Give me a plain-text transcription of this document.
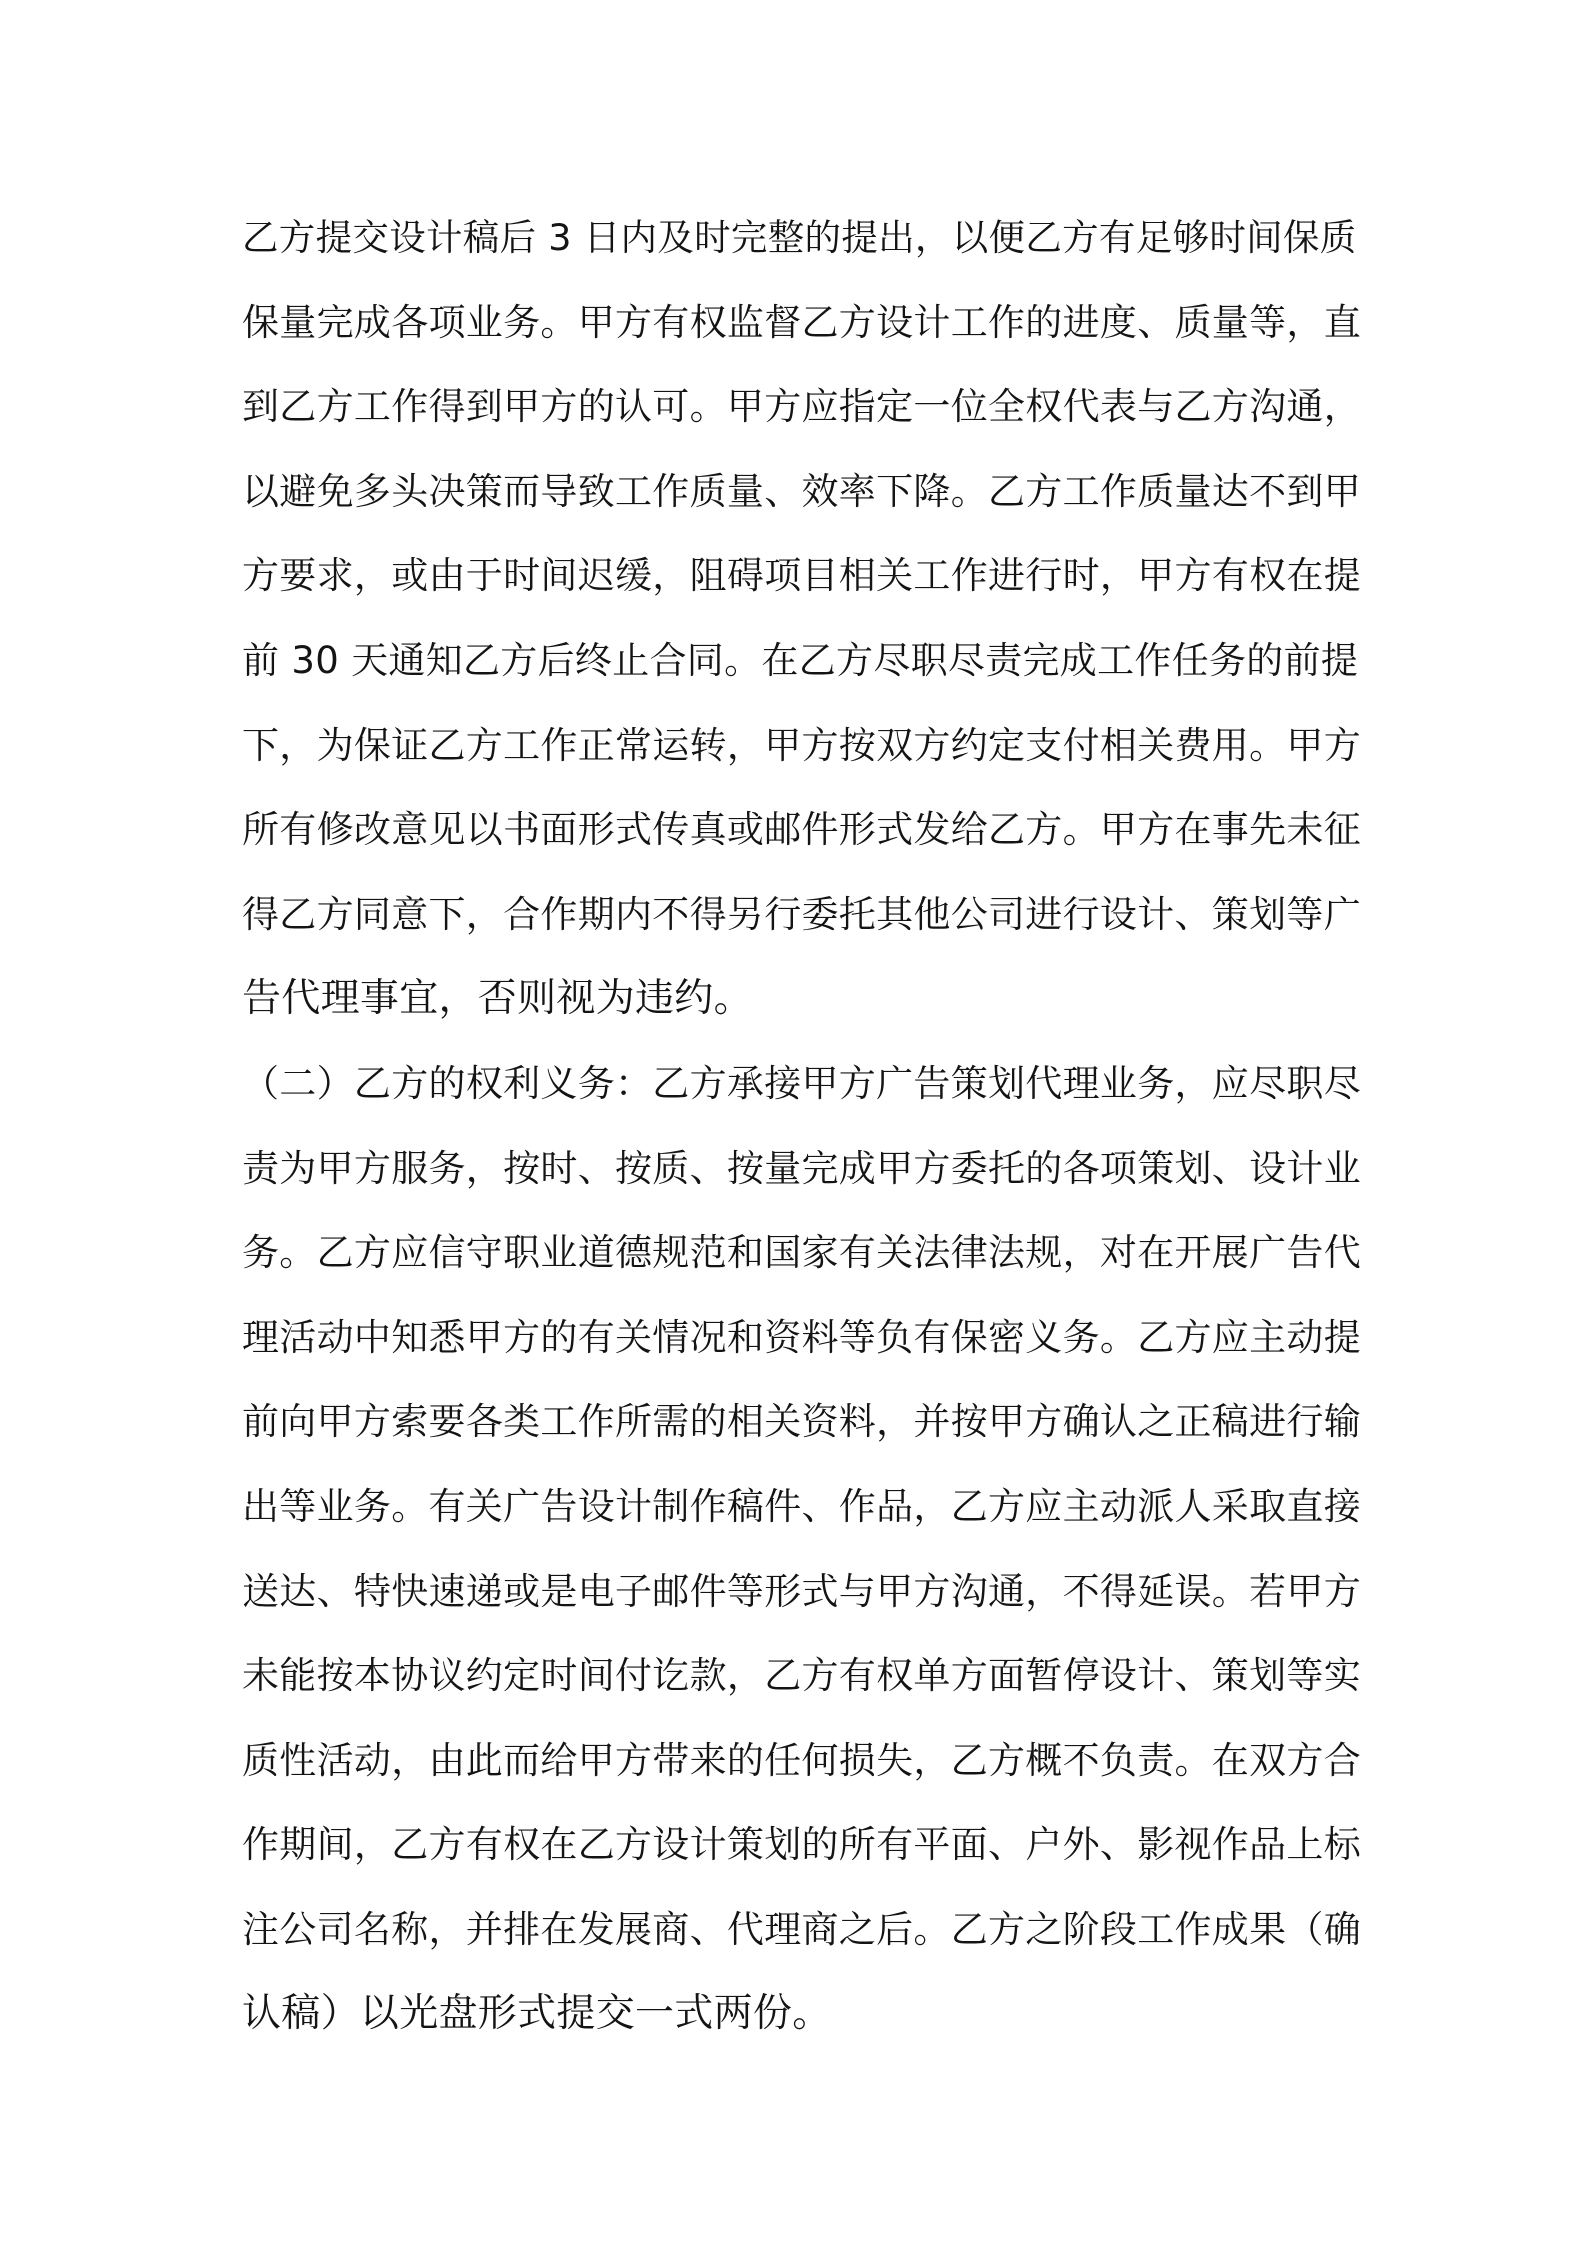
乙方提交设计稿后 3 日内及时完整的提出，以便乙方有足够时间保质
保量完成各项业务。甲方有权监督乙方设计工作的进度、质量等，直
到乙方工作得到甲方的认可。甲方应指定一位全权代表与乙方沟通，
以避免多头决策而导致工作质量、效率下降。乙方工作质量达不到甲
方要求，或由于时间迟缓，阻碍项目相关工作进行时，甲方有权在提
前 30 天通知乙方后终止合同。在乙方尽职尽责完成工作任务的前提
下，为保证乙方工作正常运转，甲方按双方约定支付相关费用。甲方
所有修改意见以书面形式传真或邮件形式发给乙方。甲方在事先未征
得乙方同意下，合作期内不得另行委托其他公司进行设计、策划等广
告代理事宜，否则视为违约。
（二）乙方的权利义务：乙方承接甲方广告策划代理业务，应尽职尽
责为甲方服务，按时、按质、按量完成甲方委托的各项策划、设计业
务。乙方应信守职业道德规范和国家有关法律法规，对在开展广告代
理活动中知悉甲方的有关情况和资料等负有保密义务。乙方应主动提
前向甲方索要各类工作所需的相关资料，并按甲方确认之正稿进行输
出等业务。有关广告设计制作稿件、作品，乙方应主动派人采取直接
送达、特快速递或是电子邮件等形式与甲方沟通，不得延误。若甲方
未能按本协议约定时间付讫款，乙方有权单方面暂停设计、策划等实
质性活动，由此而给甲方带来的任何损失，乙方概不负责。在双方合
作期间，乙方有权在乙方设计策划的所有平面、户外、影视作品上标
注公司名称，并排在发展商、代理商之后。乙方之阶段工作成果（确
认稿）以光盘形式提交一式两份。
